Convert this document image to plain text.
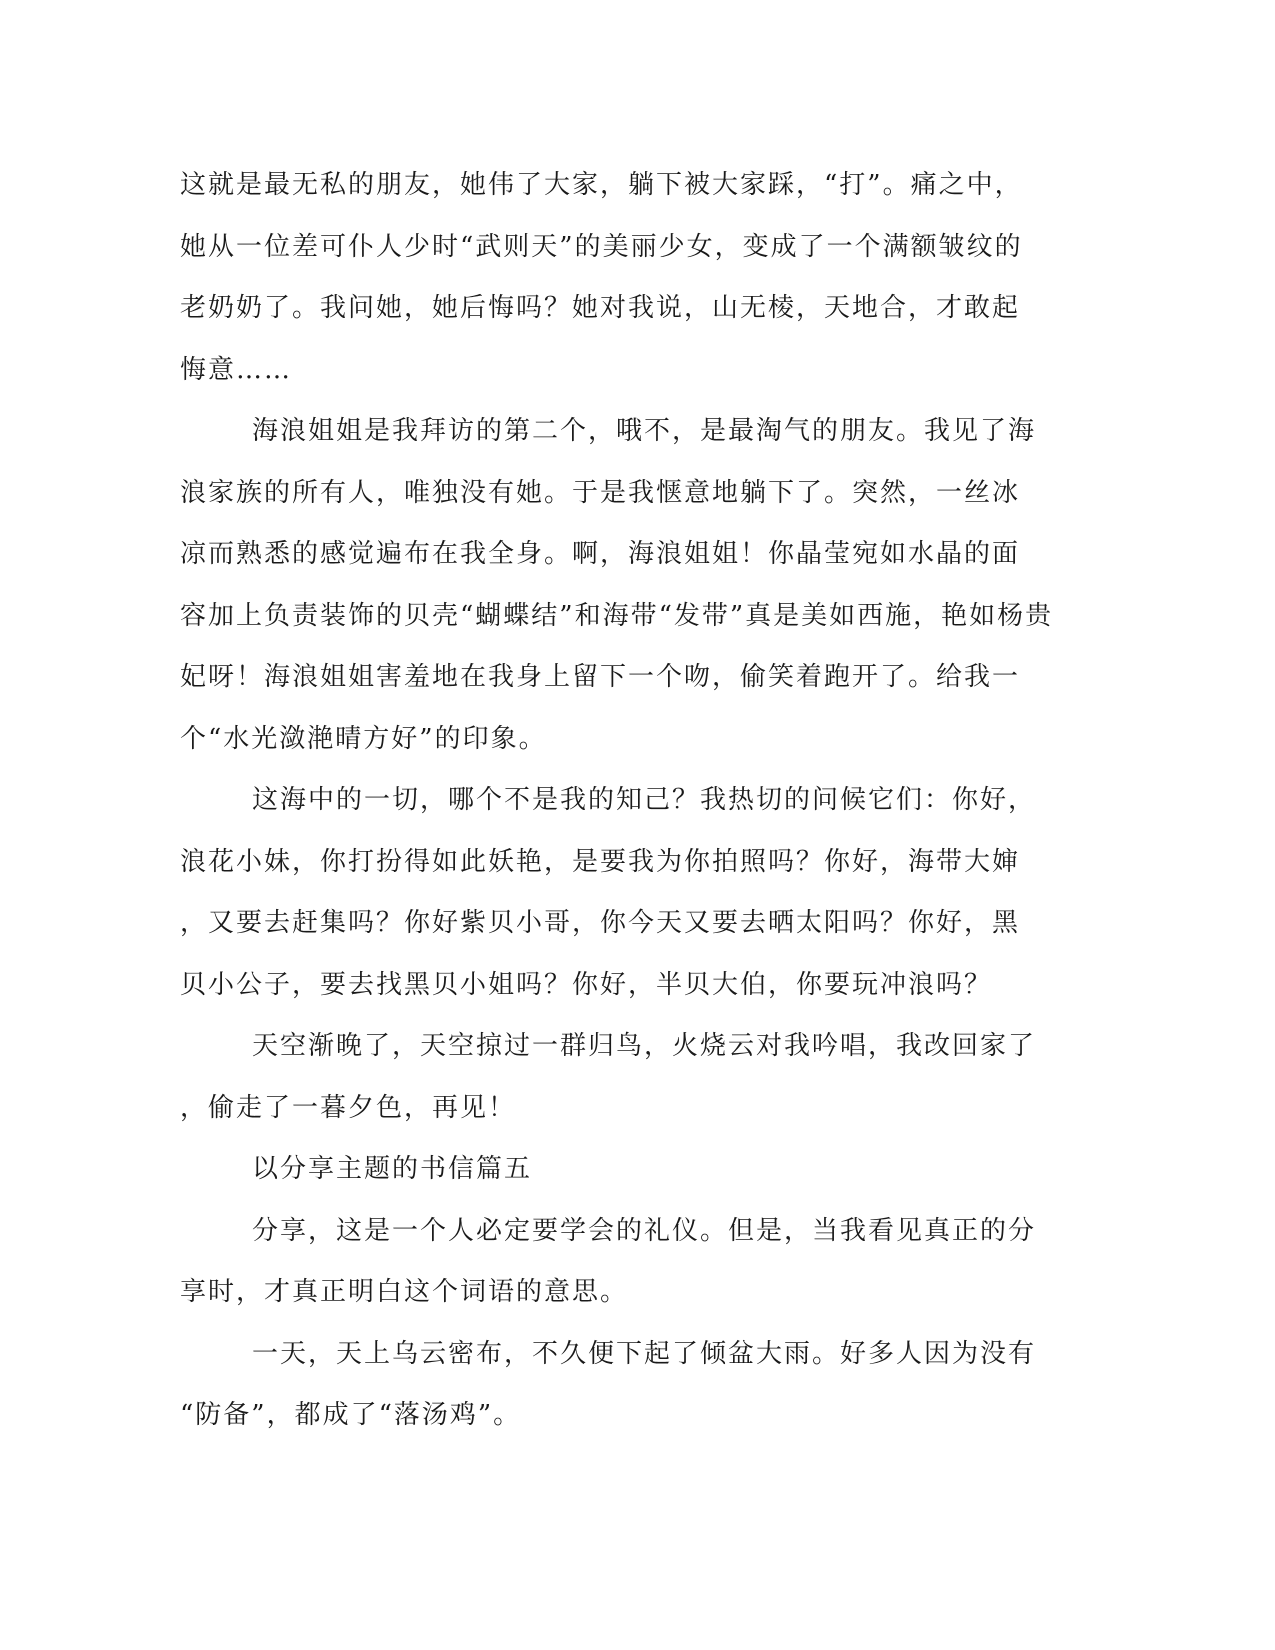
这就是最无私的朋友，她伟了大家，躺下被大家踩，“打”。痛之中，
她从一位差可仆人少时“武则天”的美丽少女，变成了一个满额皱纹的
老奶奶了。我问她，她后悔吗？她对我说，山无棱，天地合，才敢起
悔意……
海浪姐姐是我拜访的第二个，哦不，是最淘气的朋友。我见了海
浪家族的所有人，唯独没有她。于是我惬意地躺下了。突然，一丝冰
凉而熟悉的感觉遍布在我全身。啊，海浪姐姐！你晶莹宛如水晶的面
容加上负责装饰的贝壳“蝴蝶结”和海带“发带”真是美如西施，艳如杨贵
妃呀！海浪姐姐害羞地在我身上留下一个吻，偷笑着跑开了。给我一
个“水光潋滟晴方好”的印象。
这海中的一切，哪个不是我的知己？我热切的问候它们：你好，
浪花小妹，你打扮得如此妖艳，是要我为你拍照吗？你好，海带大婶
，又要去赶集吗？你好紫贝小哥，你今天又要去晒太阳吗？你好，黑
贝小公子，要去找黑贝小姐吗？你好，半贝大伯，你要玩冲浪吗？
天空渐晚了，天空掠过一群归鸟，火烧云对我吟唱，我改回家了
，偷走了一暮夕色，再见！
以分享主题的书信篇五
分享，这是一个人必定要学会的礼仪。但是，当我看见真正的分
享时，才真正明白这个词语的意思。
一天，天上乌云密布，不久便下起了倾盆大雨。好多人因为没有
“防备”，都成了“落汤鸡”。
